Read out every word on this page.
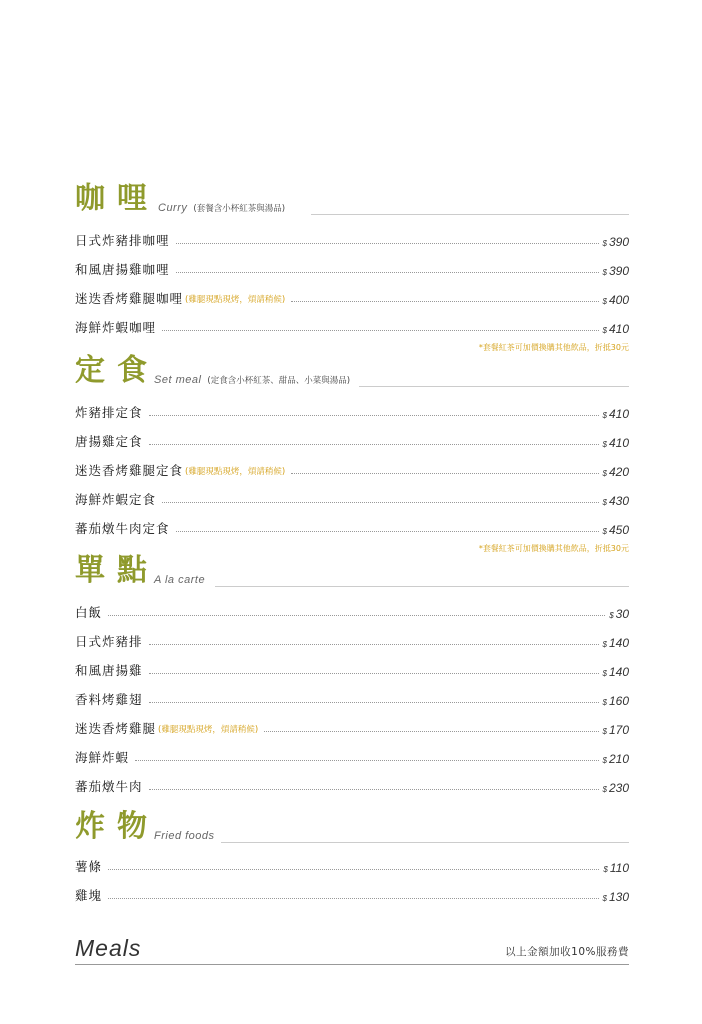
咖哩 Curry (套餐含小杯紅茶與湯品)
日式炸豬排咖哩	$ 390
和風唐揚雞咖哩	$ 390
迷迭香烤雞腿咖哩 (雞腿現點現烤，煩請稍候)	$ 400
海鮮炸蝦咖哩	$ 410
*套餐紅茶可加價換購其他飲品，折抵30元
定食
Set meal (定食含小杯紅茶、甜品、小菜與湯品)
炸豬排定食	$ 410
唐揚雞定食	$ 410
迷迭香烤雞腿定食 (雞腿現點現烤，煩請稍候)	$ 420
海鮮炸蝦定食	$ 430
蕃茄燉牛肉定食	$ 450
*套餐紅茶可加價換購其他飲品，折抵30元
單點
A la carte
白飯	$ 30
日式炸豬排	$ 140
和風唐揚雞	$ 140
香料烤雞翅	$ 160
迷迭香烤雞腿 (雞腿現點現烤，煩請稍候)	$ 170
海鮮炸蝦	$ 210
蕃茄燉牛肉	$ 230
炸物
Fried foods
薯條	$ 110
雞塊	$ 130
Meals	以上金額加收10%服務費
